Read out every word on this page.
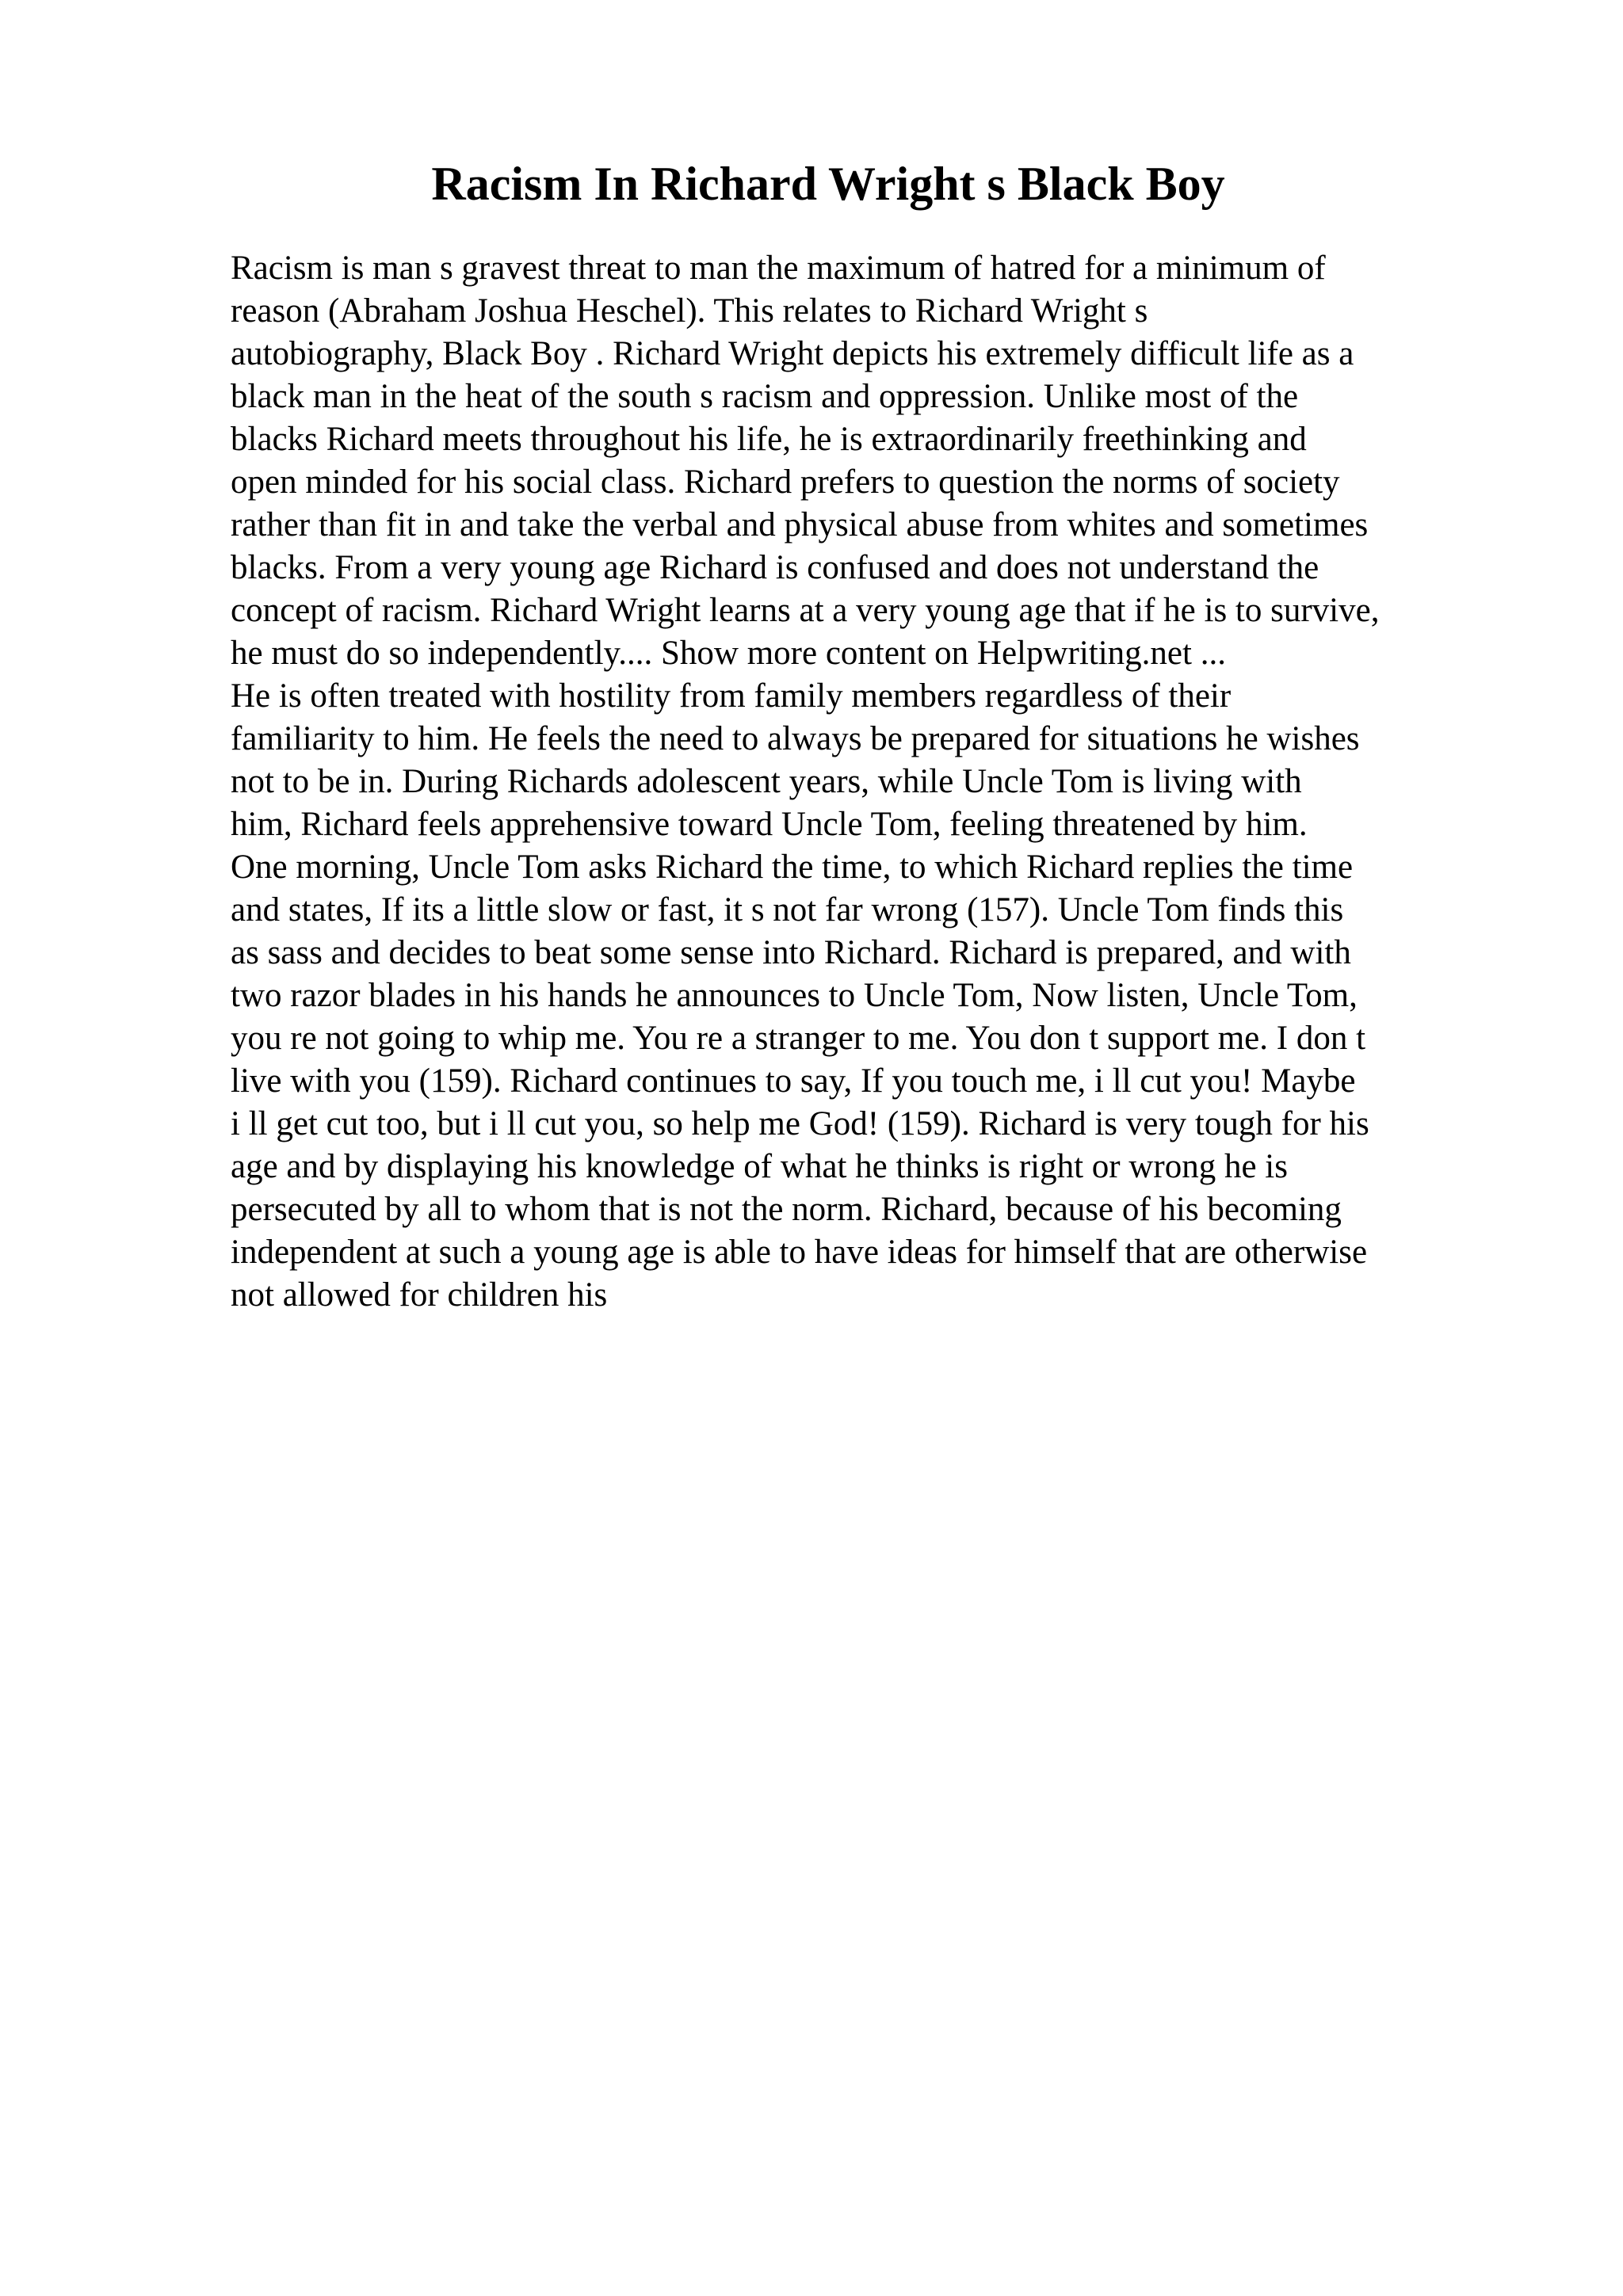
Racism In Richard Wright s Black Boy

Racism is man s gravest threat to man the maximum of hatred for a minimum of

reason (Abraham Joshua Heschel). This relates to Richard Wright s

autobiography, Black Boy . Richard Wright depicts his extremely difficult life as a

black man in the heat of the south s racism and oppression. Unlike most of the

blacks Richard meets throughout his life, he is extraordinarily freethinking and

open minded for his social class. Richard prefers to question the norms of society

rather than fit in and take the verbal and physical abuse from whites and sometimes

blacks. From a very young age Richard is confused and does not understand the

concept of racism. Richard Wright learns at a very young age that if he is to survive,

he must do so independently.... Show more content on Helpwriting.net ...

He is often treated with hostility from family members regardless of their

familiarity to him. He feels the need to always be prepared for situations he wishes

not to be in. During Richards adolescent years, while Uncle Tom is living with

him, Richard feels apprehensive toward Uncle Tom, feeling threatened by him.

One morning, Uncle Tom asks Richard the time, to which Richard replies the time

and states, If its a little slow or fast, it s not far wrong (157). Uncle Tom finds this

as sass and decides to beat some sense into Richard. Richard is prepared, and with

two razor blades in his hands he announces to Uncle Tom, Now listen, Uncle Tom,

you re not going to whip me. You re a stranger to me. You don t support me. I don t

live with you (159). Richard continues to say, If you touch me, i ll cut you! Maybe

i ll get cut too, but i ll cut you, so help me God! (159). Richard is very tough for his

age and by displaying his knowledge of what he thinks is right or wrong he is

persecuted by all to whom that is not the norm. Richard, because of his becoming

independent at such a young age is able to have ideas for himself that are otherwise

not allowed for children his
